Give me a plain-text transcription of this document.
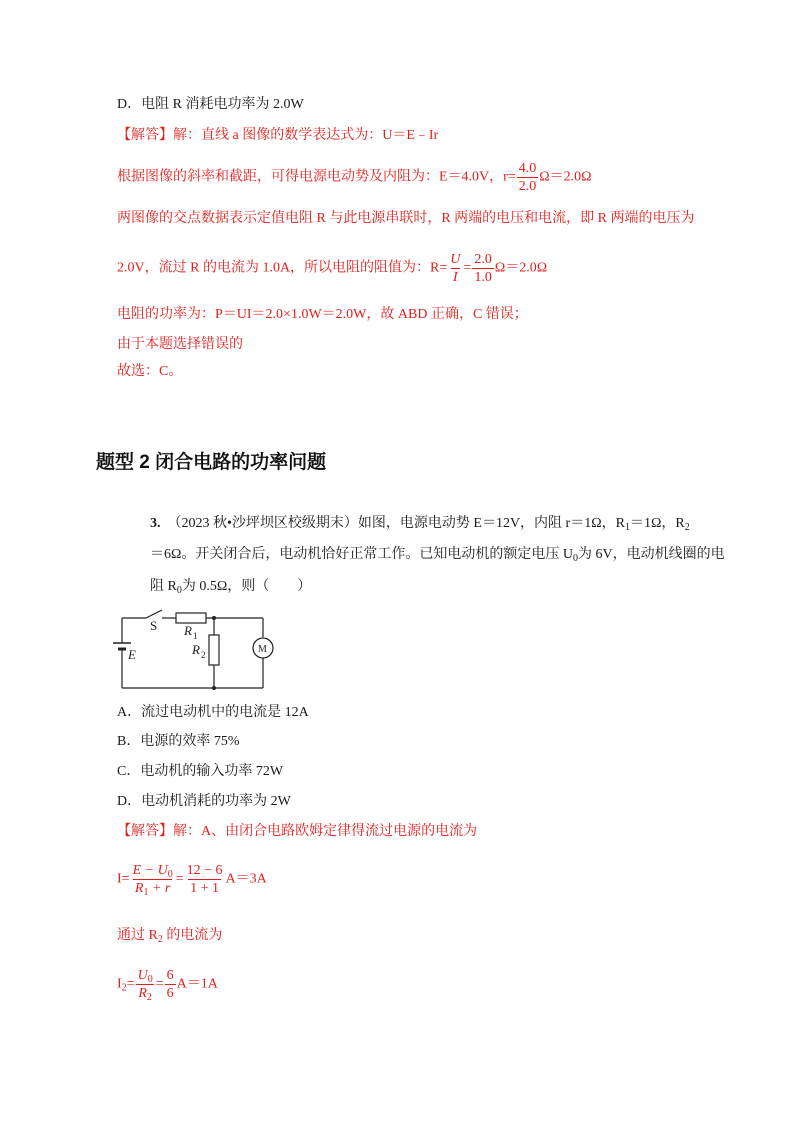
D．电阻 R 消耗电功率为 2.0W
【解答】解：直线 a 图像的数学表达式为：U＝E﹣Ir
根据图像的斜率和截距，可得电源电动势及内阻为：E＝4.0V，$r= \frac{4.0}{2.0} \Omega=2.0\Omega$
两图像的交点数据表示定值电阻 R 与此电源串联时，R 两端的电压和电流，即 R 两端的电压为
2.0V，流过 R 的电流为 1.0A，所以电阻的阻值为：$R= \frac{U}{I} = \frac{2.0}{1.0} \Omega=2.0\Omega$
电阻的功率为：P＝UI＝2.0×1.0W＝2.0W，故 ABD 正确，C 错误；
由于本题选择错误的
故选：C。
题型 2 闭合电路的功率问题
3.　 （2023 秋•沙坪坝区校级期末）如图，电源电动势 E＝12V，内阻 r＝1Ω，$R_1=1\Omega$，$R_2$
＝6Ω。开关闭合后，电动机恰好正常工作。已知电动机的额定电压 $U_0$为 6V，电动机线圈的电
阻 $R_0$为 0.5Ω，则（　　）
S R 1
R 2
E	M
A．流过电动机中的电流是 12A
B．电源的效率 75%
C．电动机的输入功率 72W
D．电动机消耗的功率为 2W
【解答】解：A、由闭合电路欧姆定律得流过电源的电流为
$I= \frac{E - U_0}{R_1 + r} = \frac{12 - 6}{1 + 1} A=3A$
通过 $R_2$ 的电流为
$I_2= \frac{U_0}{R_2} = \frac{6}{6} A=1A$
